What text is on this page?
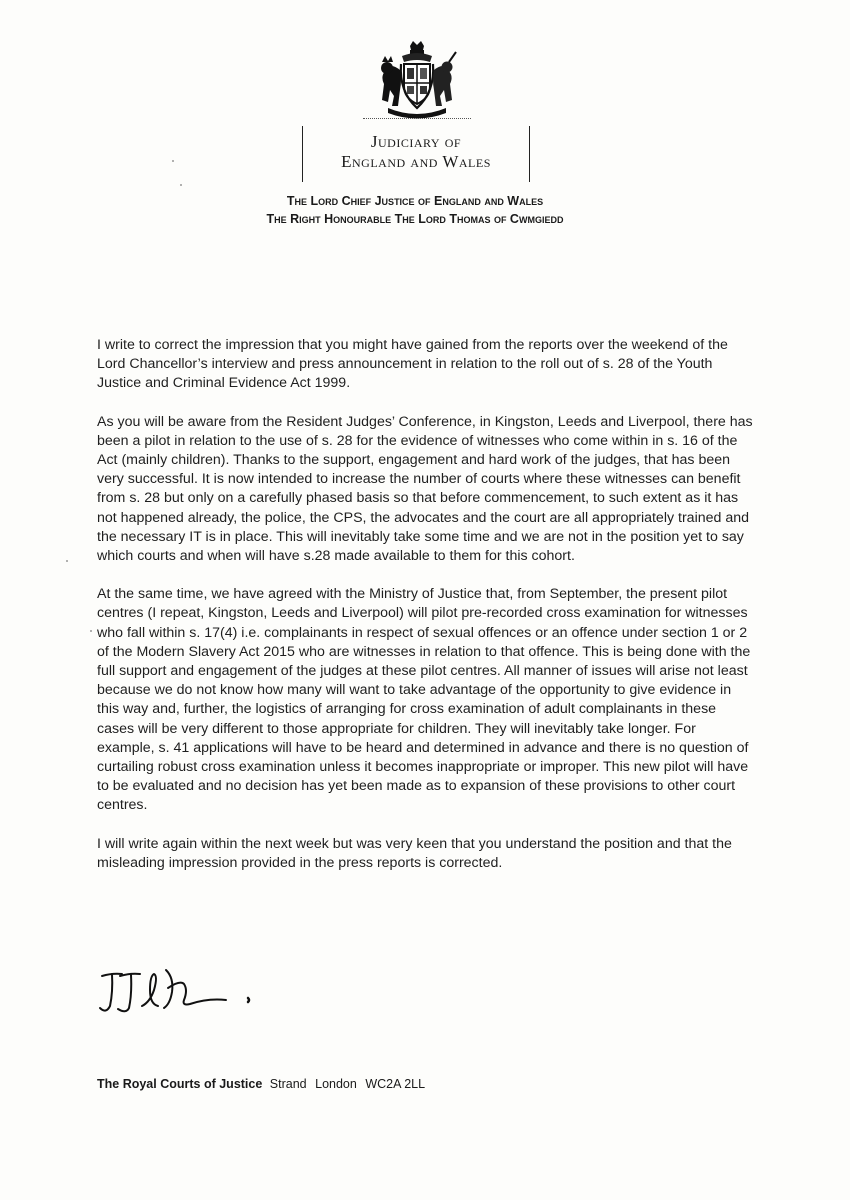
Judiciary of
England and Wales
The Lord Chief Justice of England and Wales
The Right Honourable The Lord Thomas of Cwmgiedd

I write to correct the impression that you might have gained from the reports over the weekend of the Lord Chancellor’s interview and press announcement in relation to the roll out of s. 28 of the Youth Justice and Criminal Evidence Act 1999.

As you will be aware from the Resident Judges’ Conference, in Kingston, Leeds and Liverpool, there has been a pilot in relation to the use of s. 28 for the evidence of witnesses who come within in s. 16 of the Act (mainly children). Thanks to the support, engagement and hard work of the judges, that has been very successful. It is now intended to increase the number of courts where these witnesses can benefit from s. 28 but only on a carefully phased basis so that before commencement, to such extent as it has not happened already, the police, the CPS, the advocates and the court are all appropriately trained and the necessary IT is in place. This will inevitably take some time and we are not in the position yet to say which courts and when will have s.28 made available to them for this cohort.

At the same time, we have agreed with the Ministry of Justice that, from September, the present pilot centres (I repeat, Kingston, Leeds and Liverpool) will pilot pre-recorded cross examination for witnesses who fall within s. 17(4) i.e. complainants in respect of sexual offences or an offence under section 1 or 2 of the Modern Slavery Act 2015 who are witnesses in relation to that offence. This is being done with the full support and engagement of the judges at these pilot centres. All manner of issues will arise not least because we do not know how many will want to take advantage of the opportunity to give evidence in this way and, further, the logistics of arranging for cross examination of adult complainants in these cases will be very different to those appropriate for children. They will inevitably take longer. For example, s. 41 applications will have to be heard and determined in advance and there is no question of curtailing robust cross examination unless it becomes inappropriate or improper. This new pilot will have to be evaluated and no decision has yet been made as to expansion of these provisions to other court centres.

I will write again within the next week but was very keen that you understand the position and that the misleading impression provided in the press reports is corrected.

The Royal Courts of Justice Strand London WC2A 2LL
